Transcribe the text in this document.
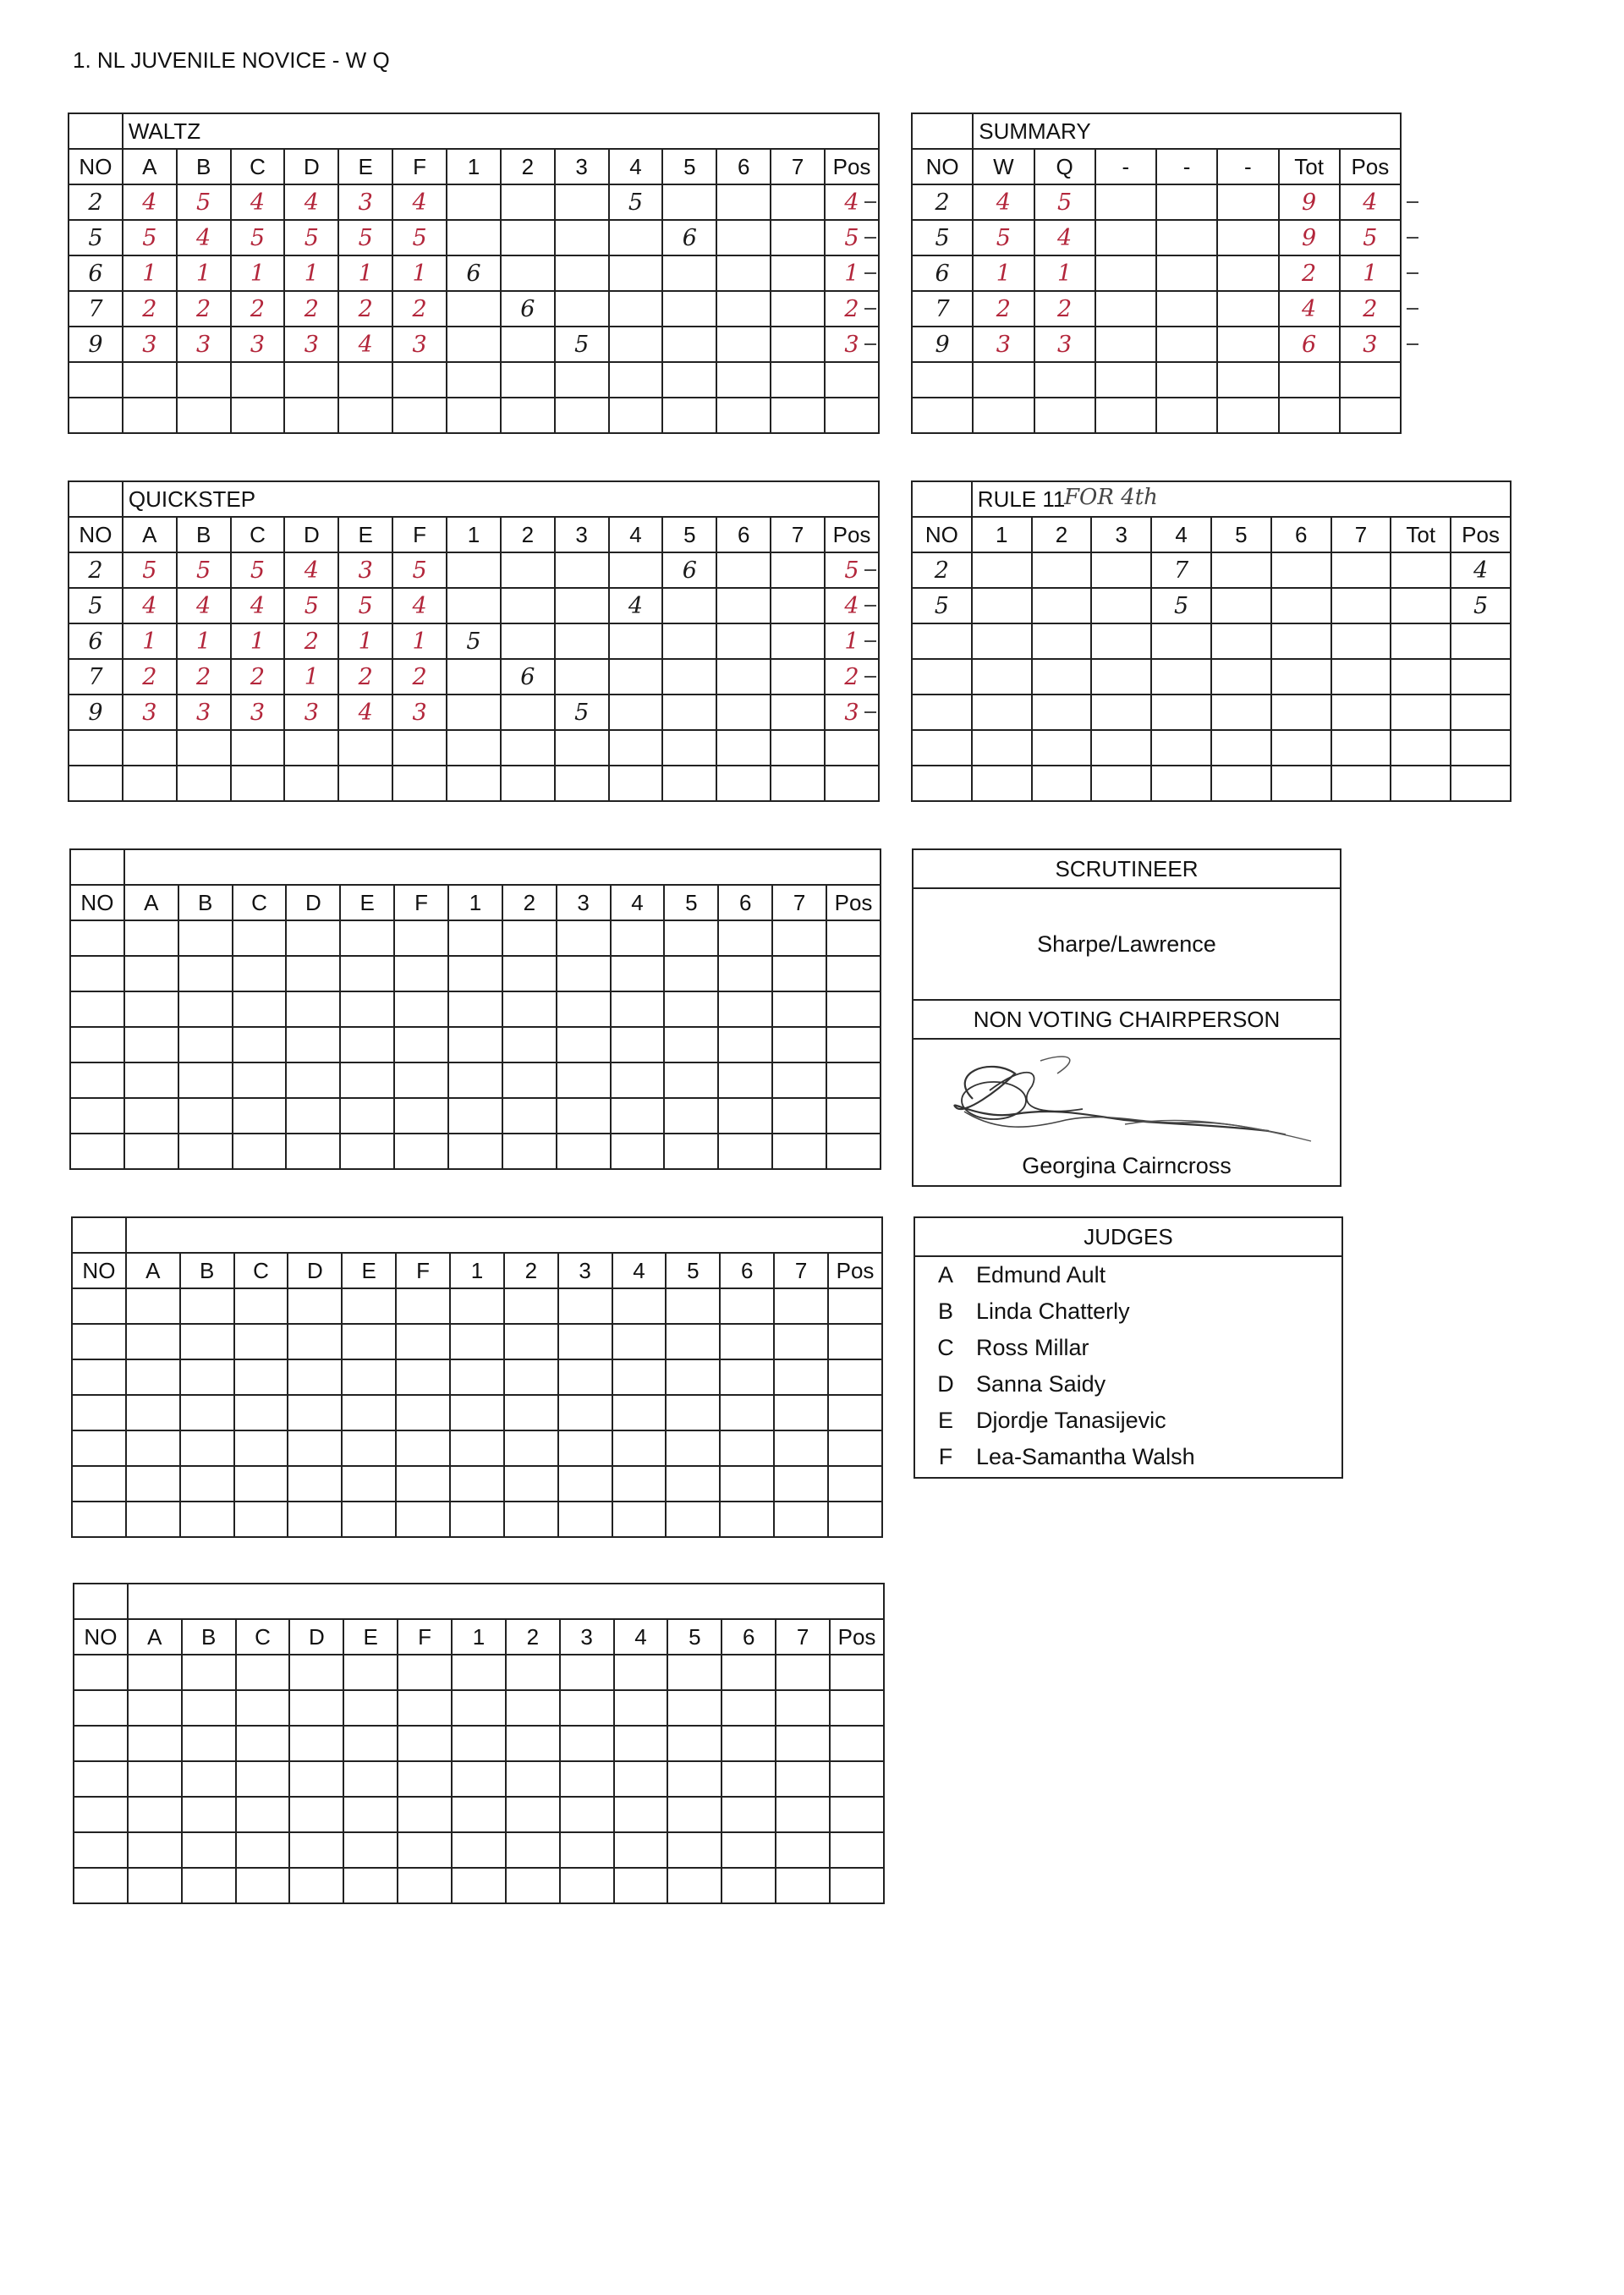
1. NL JUVENILE NOVICE - W Q
	WALTZ													
NO	A	B	C	D	E	F	1	2	3	4	5	6	7	Pos
2	4	5	4	4	3	4				5				4
5	5	4	5	5	5	5					6			5
6	1	1	1	1	1	1	6							1
7	2	2	2	2	2	2		6						2
9	3	3	3	3	4	3			5					3

	SUMMARY						
NO	W	Q	-	-	-	Tot	Pos
2	4	5				9	4
5	5	4				9	5
6	1	1				2	1
7	2	2				4	2
9	3	3				6	3

	QUICKSTEP													
NO	A	B	C	D	E	F	1	2	3	4	5	6	7	Pos
2	5	5	5	4	3	5					6			5
5	4	4	4	5	5	4				4				4
6	1	1	1	2	1	1	5							1
7	2	2	2	1	2	2		6						2
9	3	3	3	3	4	3			5					3

	RULE 11								
NO	1	2	3	4	5	6	7	Tot	Pos
2				7					4
5				5					5

FOR 4th

NO	A	B	C	D	E	F	1	2	3	4	5	6	7	Pos

NO	A	B	C	D	E	F	1	2	3	4	5	6	7	Pos

NO	A	B	C	D	E	F	1	2	3	4	5	6	7	Pos

SCRUTINEER
Sharpe/Lawrence
NON VOTING CHAIRPERSON
Georgina Cairncross
JUDGES
A	Edmund Ault
B	Linda Chatterly
C Ross Millar
D Sanna Saidy
E	Djordje Tanasijevic
F	Lea-Samantha Walsh
